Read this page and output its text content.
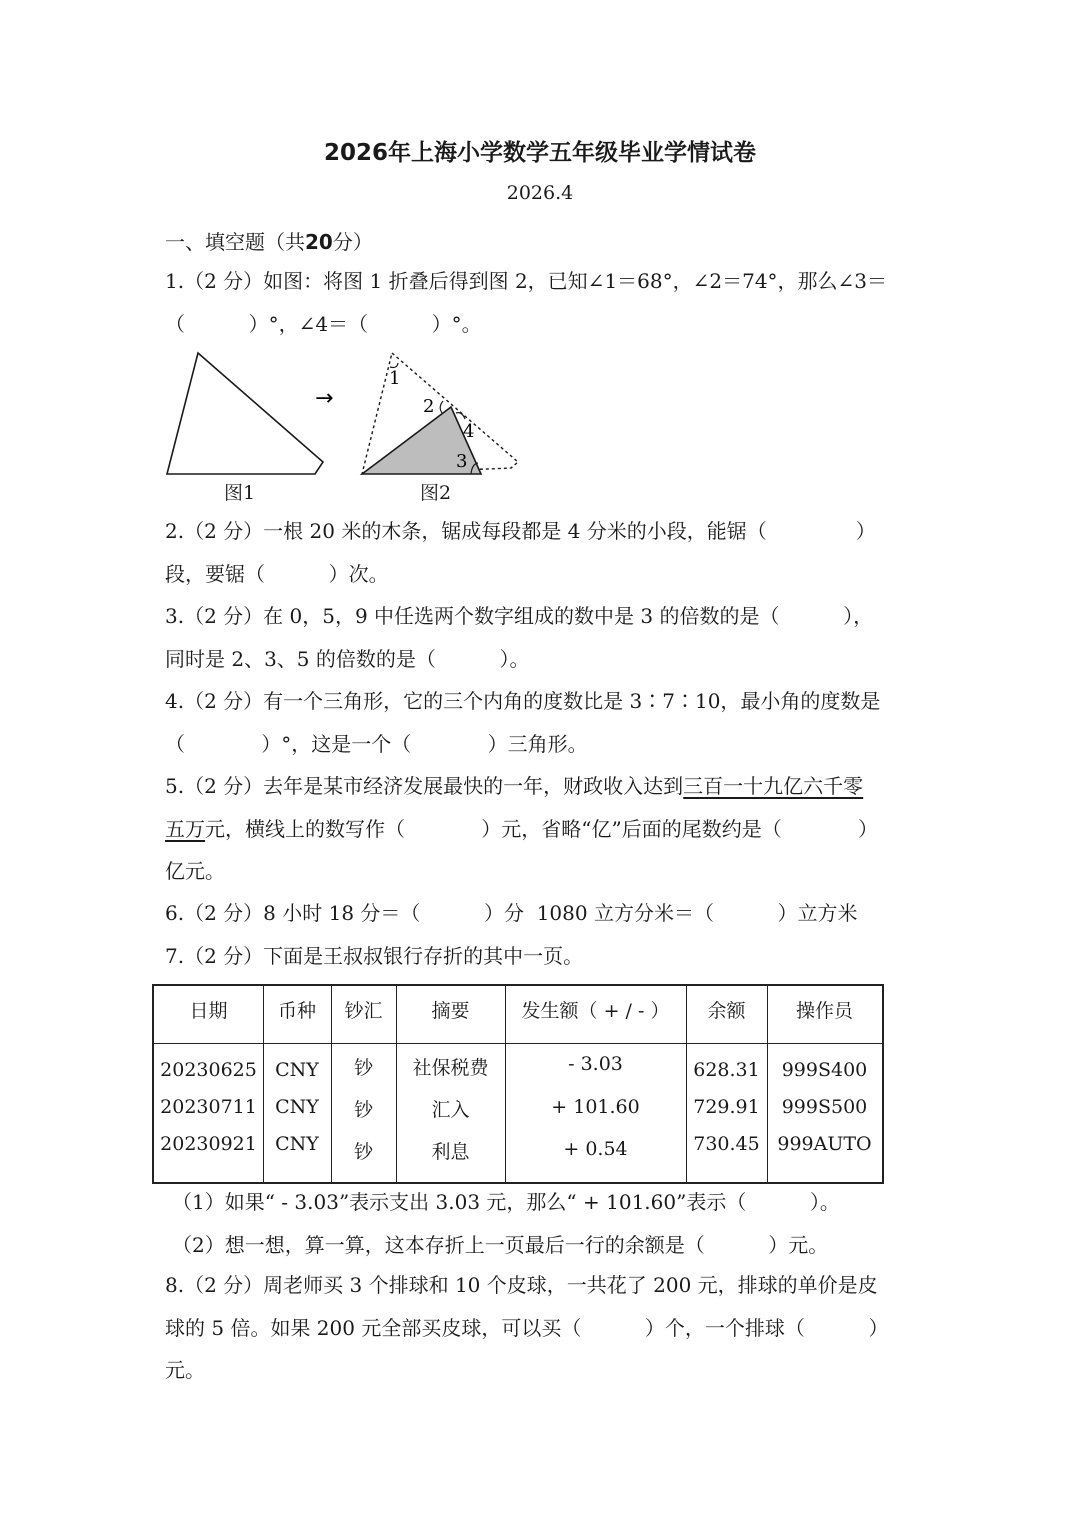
2026年上海小学数学五年级毕业学情试卷
2026.4
一、填空题（共20分）
1.（2 分）如图：将图 1 折叠后得到图 2，已知∠1＝68°，∠2＝74°，那么∠3＝
（          ）°，∠4＝（          ）°。
1
2
4
3
→
图1	图2
2.（2 分）一根 20 米的木条，锯成每段都是 4 分米的小段，能锯（              ）
段，要锯（          ）次。
3.（2 分）在 0，5，9 中任选两个数字组成的数中是 3 的倍数的是（          ），
同时是 2、3、5 的倍数的是（          ）。
4.（2 分）有一个三角形，它的三个内角的度数比是 3∶7∶10，最小角的度数是
（            ）°，这是一个（            ）三角形。
5.（2 分）去年是某市经济发展最快的一年，财政收入达到三百一十九亿六千零
五万元，横线上的数写作（            ）元，省略“亿”后面的尾数约是（            ）
亿元。
6.（2 分）8 小时 18 分＝（          ）分  1080 立方分米＝（          ）立方米
7.（2 分）下面是王叔叔银行存折的其中一页。
日期	币种	钞汇	摘要	发生额（ + / - ）	余额	操作员
20230625 CNY	钞	社保税费	- 3.03	628.31	999S400
20230711 CNY	钞	汇入	+ 101.60	729.91	999S500
20230921 CNY	钞	利息	+ 0.54	730.45 999AUTO
（1）如果“ - 3.03”表示支出 3.03 元，那么“ + 101.60”表示（          ）。
（2）想一想，算一算，这本存折上一页最后一行的余额是（          ）元。
8.（2 分）周老师买 3 个排球和 10 个皮球，一共花了 200 元，排球的单价是皮
球的 5 倍。如果 200 元全部买皮球，可以买（          ）个，一个排球（          ）
元。
